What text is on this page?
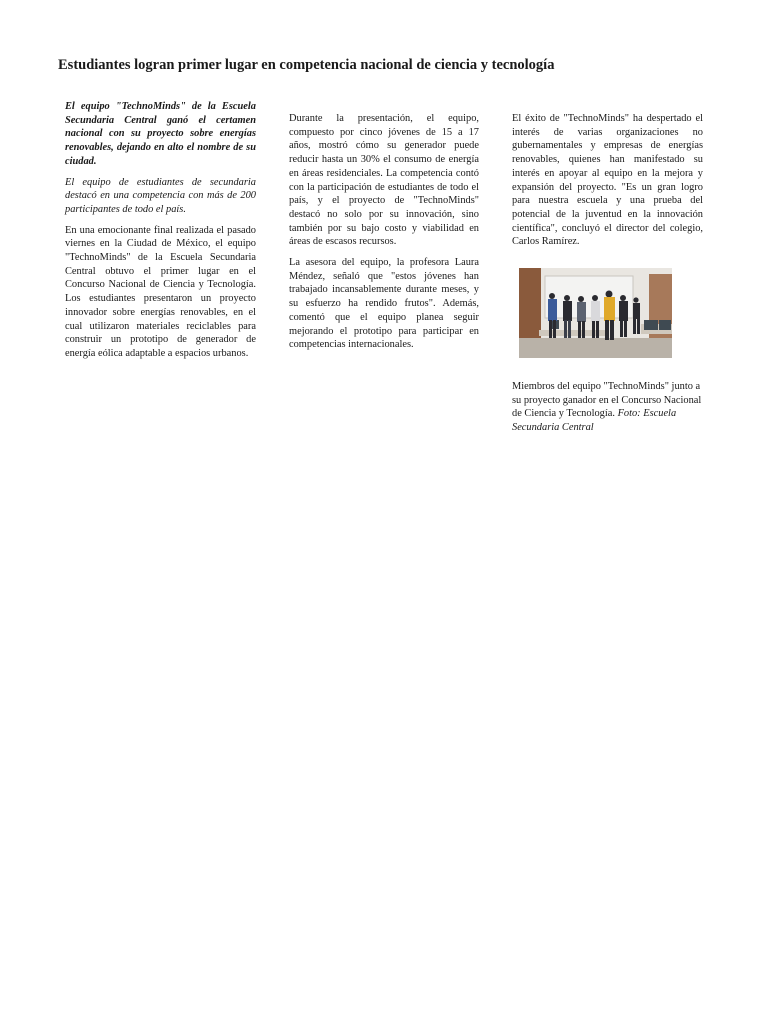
Estudiantes logran primer lugar en competencia nacional de ciencia y tecnología

El equipo "TechnoMinds" de la Escuela Secundaria Central ganó el certamen nacional con su proyecto sobre energías renovables, dejando en alto el nombre de su ciudad.

El equipo de estudiantes de secundaria destacó en una competencia con más de 200 participantes de todo el país.

En una emocionante final realizada el pasado viernes en la Ciudad de México, el equipo "TechnoMinds" de la Escuela Secundaria Central obtuvo el primer lugar en el Concurso Nacional de Ciencia y Tecnología. Los estudiantes presentaron un proyecto innovador sobre energías renovables, en el cual utilizaron materiales reciclables para construir un prototipo de generador de energía eólica adaptable a espacios urbanos.

Durante la presentación, el equipo, compuesto por cinco jóvenes de 15 a 17 años, mostró cómo su generador puede reducir hasta un 30% el consumo de energía en áreas residenciales. La competencia contó con la participación de estudiantes de todo el país, y el proyecto de "TechnoMinds" destacó no solo por su innovación, sino también por su bajo costo y viabilidad en áreas de escasos recursos.

La asesora del equipo, la profesora Laura Méndez, señaló que "estos jóvenes han trabajado incansablemente durante meses, y su esfuerzo ha rendido frutos". Además, comentó que el equipo planea seguir mejorando el prototipo para participar en competencias internacionales.

El éxito de "TechnoMinds" ha despertado el interés de varias organizaciones no gubernamentales y empresas de energías renovables, quienes han manifestado su interés en apoyar al equipo en la mejora y expansión del proyecto. "Es un gran logro para nuestra escuela y una prueba del potencial de la juventud en la innovación científica", concluyó el director del colegio, Carlos Ramírez.

Miembros del equipo "TechnoMinds" junto a su proyecto ganador en el Concurso Nacional de Ciencia y Tecnología. Foto: Escuela Secundaria Central
